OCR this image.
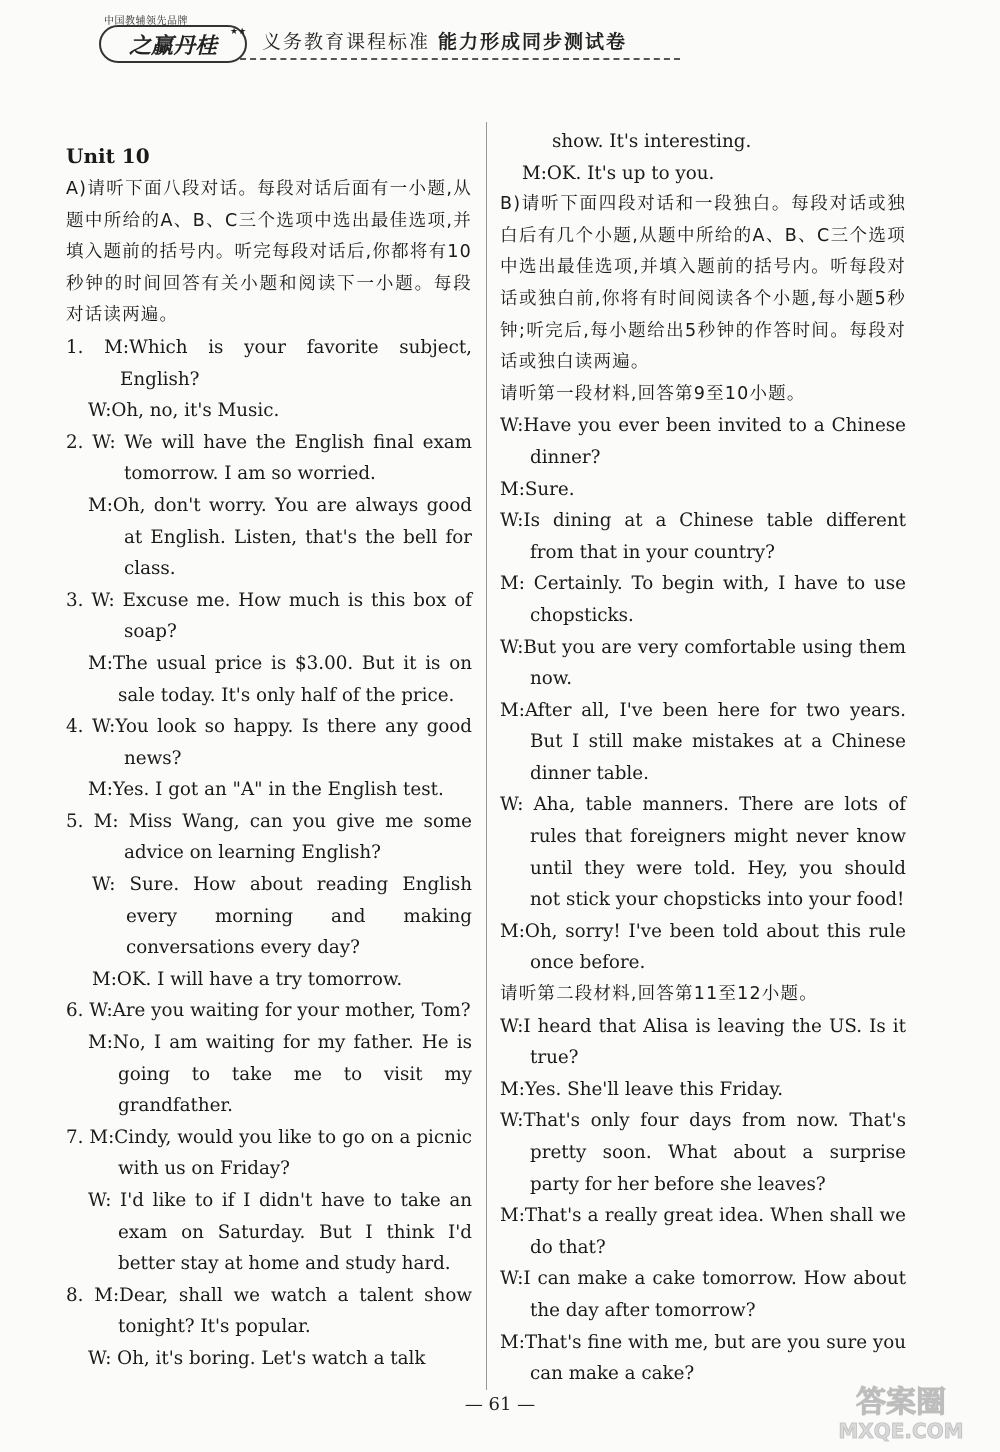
中国教辅领先品牌
之赢丹桂
★★ 义务教育课程标准 能力形成同步测试卷

Unit 10

A)请听下面八段对话。每段对话后面有一小题,从题中所给的A、B、C三个选项中选出最佳选项,并填入题前的括号内。听完每段对话后,你都将有10秒钟的时间回答有关小题和阅读下一小题。每段对话读两遍。

1. M:Which is your favorite subject, English?

W:Oh, no, it's Music.

2. W: We will have the English final exam tomorrow. I am so worried.

M:Oh, don't worry. You are always good at English. Listen, that's the bell for class.

3. W: Excuse me. How much is this box of soap?

M:The usual price is $3.00. But it is on sale today. It's only half of the price.

4. W:You look so happy. Is there any good news?

M:Yes. I got an "A" in the English test.

5. M: Miss Wang, can you give me some advice on learning English?

W: Sure. How about reading English every morning and making conversations every day?

M:OK. I will have a try tomorrow.

6. W:Are you waiting for your mother, Tom?

M:No, I am waiting for my father. He is going to take me to visit my grandfather.

7. M:Cindy, would you like to go on a picnic with us on Friday?

W: I'd like to if I didn't have to take an exam on Saturday. But I think I'd better stay at home and study hard.

8. M:Dear, shall we watch a talent show tonight? It's popular.

W: Oh, it's boring. Let's watch a talk

show. It's interesting.

M:OK. It's up to you.

B)请听下面四段对话和一段独白。每段对话或独白后有几个小题,从题中所给的A、B、C三个选项中选出最佳选项,并填入题前的括号内。听每段对话或独白前,你将有时间阅读各个小题,每小题5秒钟;听完后,每小题给出5秒钟的作答时间。每段对话或独白读两遍。

请听第一段材料,回答第9至10小题。

W:Have you ever been invited to a Chinese dinner?

M:Sure.

W:Is dining at a Chinese table different from that in your country?

M: Certainly. To begin with, I have to use chopsticks.

W:But you are very comfortable using them now.

M:After all, I've been here for two years. But I still make mistakes at a Chinese dinner table.

W: Aha, table manners. There are lots of rules that foreigners might never know until they were told. Hey, you should not stick your chopsticks into your food!

M:Oh, sorry! I've been told about this rule once before.

请听第二段材料,回答第11至12小题。

W:I heard that Alisa is leaving the US. Is it true?

M:Yes. She'll leave this Friday.

W:That's only four days from now. That's pretty soon. What about a surprise party for her before she leaves?

M:That's a really great idea. When shall we do that?

W:I can make a cake tomorrow. How about the day after tomorrow?

M:That's fine with me, but are you sure you can make a cake?

— 61 —	答案圈
MXQE.COM
